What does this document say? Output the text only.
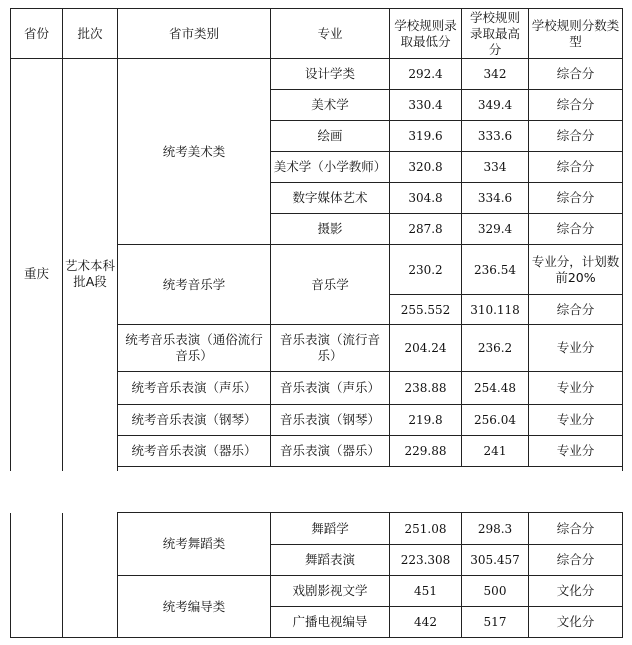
省份	批次	省市类别	专业	学校规则录取最低分	学校规则录取最高分	学校规则分数类型
重庆	艺术本科批A段	统考美术类	设计学类	292.4	342	综合分
			美术学	330.4	349.4	综合分
			绘画	319.6	333.6	综合分
			美术学（小学教师）	320.8	334	综合分
			数字媒体艺术	304.8	334.6	综合分
			摄影	287.8	329.4	综合分
		统考音乐学	音乐学	230.2	236.54	专业分，计划数前20%
				255.552	310.118	综合分
		统考音乐表演（通俗流行音乐）	音乐表演（流行音乐）	204.24	236.2	专业分
		统考音乐表演（声乐）	音乐表演（声乐）	238.88	254.48	专业分
		统考音乐表演（钢琴）	音乐表演（钢琴）	219.8	256.04	专业分
		统考音乐表演（器乐）	音乐表演（器乐）	229.88	241	专业分

		统考舞蹈类	舞蹈学	251.08	298.3	综合分
			舞蹈表演	223.308	305.457	综合分
		统考编导类	戏剧影视文学	451	500	文化分
			广播电视编导	442	517	文化分
